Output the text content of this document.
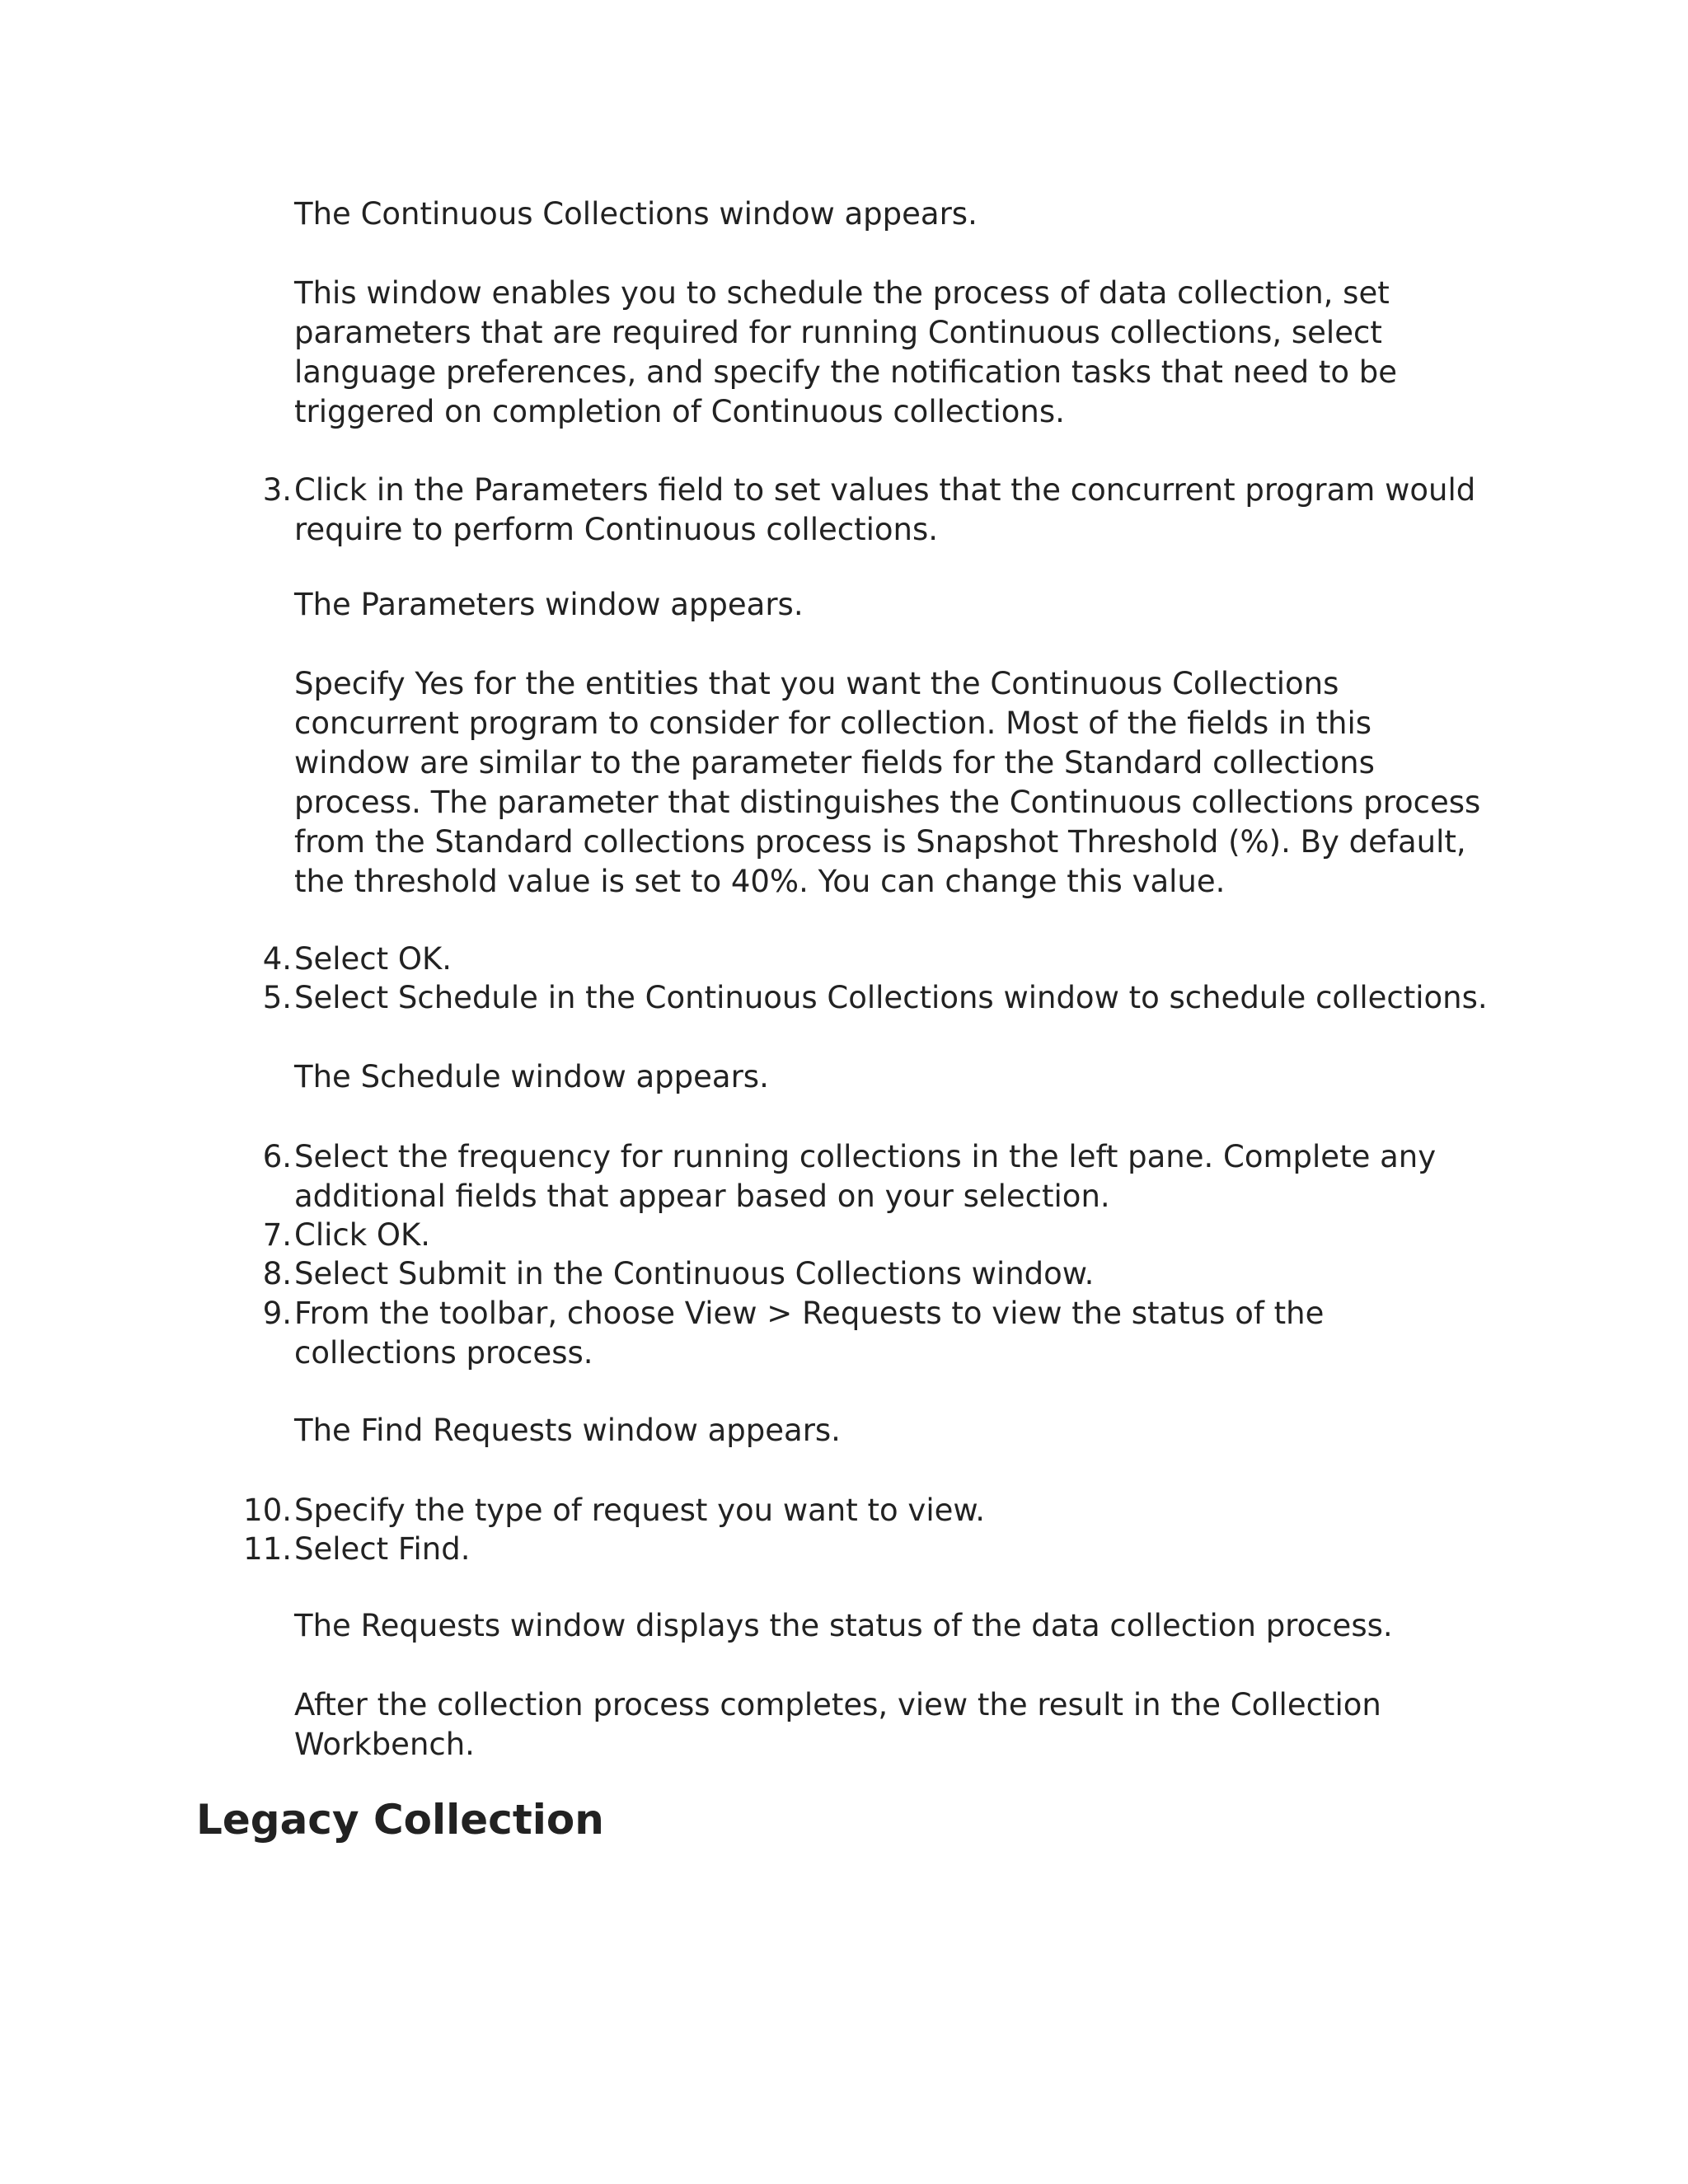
The Continuous Collections window appears.

This window enables you to schedule the process of data collection, set parameters that are required for running Continuous collections, select language preferences, and specify the notification tasks that need to be triggered on completion of Continuous collections.

3. Click in the Parameters field to set values that the concurrent program would require to perform Continuous collections.

The Parameters window appears.

Specify Yes for the entities that you want the Continuous Collections concurrent program to consider for collection. Most of the fields in this window are similar to the parameter fields for the Standard collections process. The parameter that distinguishes the Continuous collections process from the Standard collections process is Snapshot Threshold (%). By default, the threshold value is set to 40%. You can change this value.

4. Select OK.
5. Select Schedule in the Continuous Collections window to schedule collections.

The Schedule window appears.

6. Select the frequency for running collections in the left pane. Complete any additional fields that appear based on your selection.
7. Click OK.
8. Select Submit in the Continuous Collections window.
9. From the toolbar, choose View > Requests to view the status of the collections process.

The Find Requests window appears.

10. Specify the type of request you want to view.
11. Select Find.

The Requests window displays the status of the data collection process.

After the collection process completes, view the result in the Collection Workbench.

Legacy Collection
